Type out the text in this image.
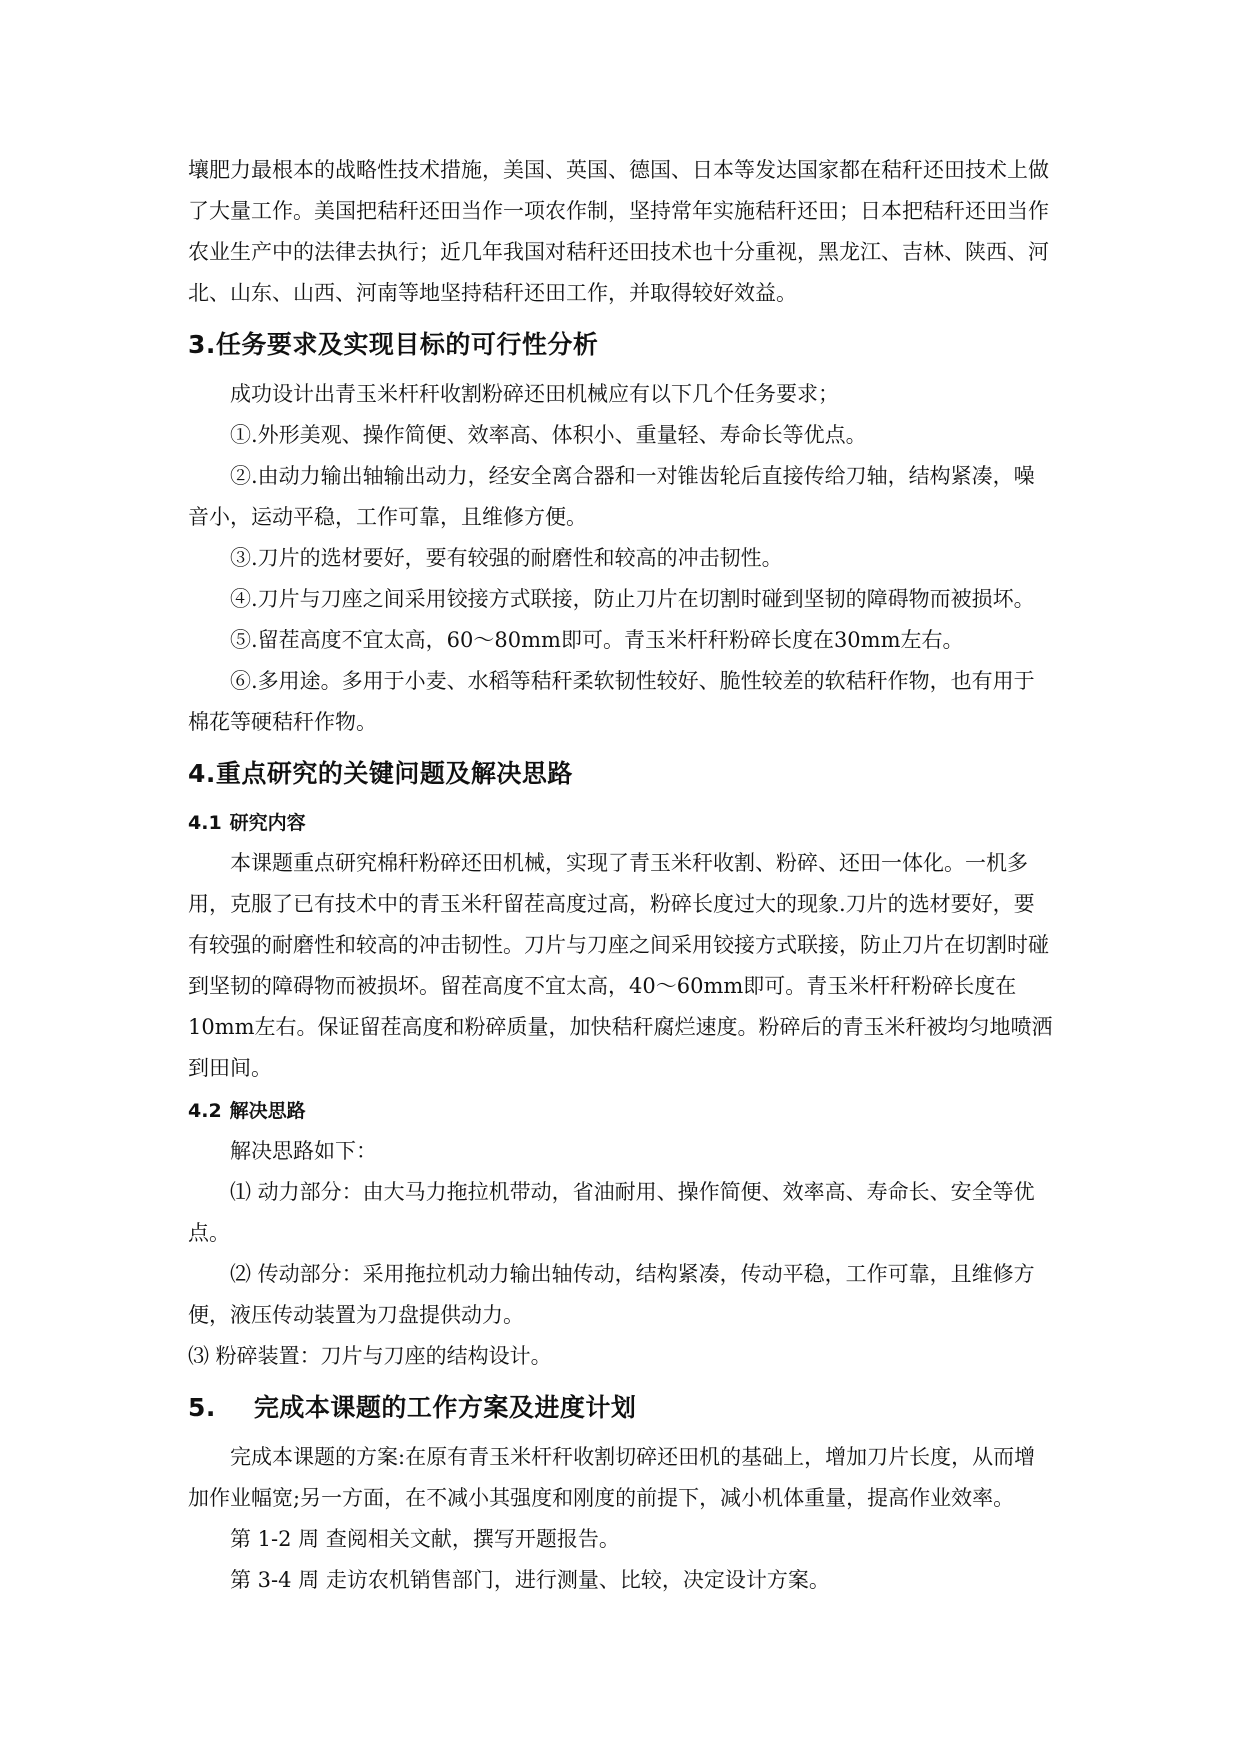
壤肥力最根本的战略性技术措施，美国、英国、德国、日本等发达国家都在秸秆还田技术上做了大量工作。美国把秸秆还田当作一项农作制，坚持常年实施秸秆还田；日本把秸秆还田当作农业生产中的法律去执行；近几年我国对秸秆还田技术也十分重视，黑龙江、吉林、陕西、河北、山东、山西、河南等地坚持秸秆还田工作，并取得较好效益。

3.任务要求及实现目标的可行性分析

成功设计出青玉米杆秆收割粉碎还田机械应有以下几个任务要求；

①.外形美观、操作简便、效率高、体积小、重量轻、寿命长等优点。

②.由动力输出轴输出动力，经安全离合器和一对锥齿轮后直接传给刀轴，结构紧凑，噪音小，运动平稳，工作可靠，且维修方便。

③.刀片的选材要好，要有较强的耐磨性和较高的冲击韧性。

④.刀片与刀座之间采用铰接方式联接，防止刀片在切割时碰到坚韧的障碍物而被损坏。

⑤.留茬高度不宜太高，60～80mm即可。青玉米杆秆粉碎长度在30mm左右。

⑥.多用途。多用于小麦、水稻等秸秆柔软韧性较好、脆性较差的软秸秆作物，也有用于棉花等硬秸秆作物。

4.重点研究的关键问题及解决思路
4.1 研究内容

本课题重点研究棉秆粉碎还田机械，实现了青玉米秆收割、粉碎、还田一体化。一机多用，克服了已有技术中的青玉米秆留茬高度过高，粉碎长度过大的现象.刀片的选材要好，要有较强的耐磨性和较高的冲击韧性。刀片与刀座之间采用铰接方式联接，防止刀片在切割时碰到坚韧的障碍物而被损坏。留茬高度不宜太高，40～60mm即可。青玉米杆秆粉碎长度在10mm左右。保证留茬高度和粉碎质量，加快秸秆腐烂速度。粉碎后的青玉米秆被均匀地喷洒到田间。

4.2 解决思路

解决思路如下：

⑴ 动力部分：由大马力拖拉机带动，省油耐用、操作简便、效率高、寿命长、安全等优点。

⑵ 传动部分：采用拖拉机动力输出轴传动，结构紧凑，传动平稳，工作可靠，且维修方便，液压传动装置为刀盘提供动力。

⑶ 粉碎装置：刀片与刀座的结构设计。

5. 完成本课题的工作方案及进度计划

完成本课题的方案:在原有青玉米杆秆收割切碎还田机的基础上，增加刀片长度，从而增加作业幅宽;另一方面，在不减小其强度和刚度的前提下，减小机体重量，提高作业效率。

第 1-2 周 查阅相关文献，撰写开题报告。

第 3-4 周 走访农机销售部门，进行测量、比较，决定设计方案。
